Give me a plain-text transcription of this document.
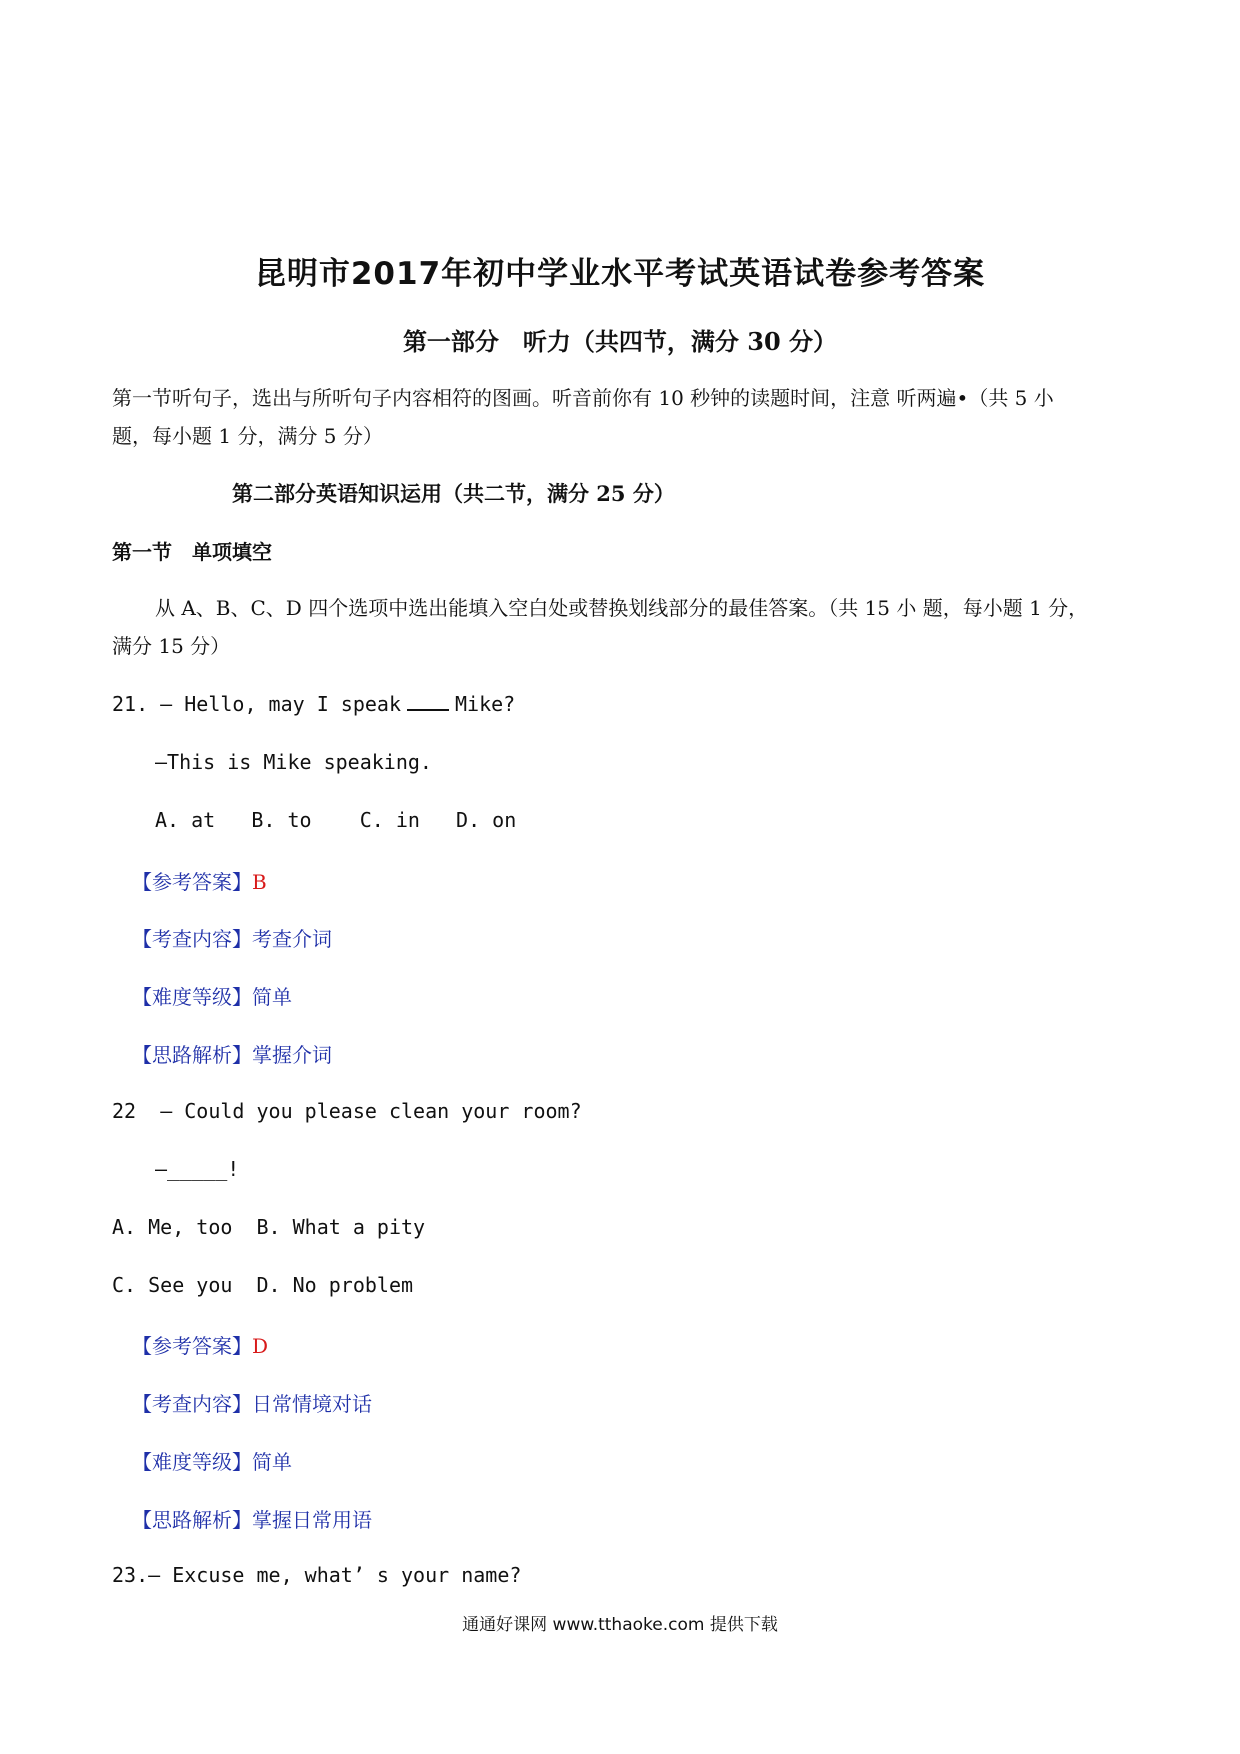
昆明市2017年初中学业水平考试英语试卷参考答案
第一部分　听力（共四节，满分 30 分）
第一节听句子，选出与所听句子内容相符的图画。听音前你有 10 秒钟的读题时间，注意 听两遍•（共 5 小
题，每小题 1 分，满分 5 分）
第二部分英语知识运用（共二节，满分 25 分）
第一节　单项填空
从 A、B、C、D 四个选项中选出能填入空白处或替换划线部分的最佳答案。（共 15 小 题，每小题 1 分，
满分 15 分）
21. — Hello, may I speak	Mike?
—This is Mike speaking.
A. at   B. to    C. in   D. on
【参考答案】B
【考查内容】考查介词
【难度等级】简单
【思路解析】掌握介词
22 — Could you please clean your room?
—_____!
A. Me, too  B. What a pity
C. See you  D. No problem
【参考答案】D
【考查内容】日常情境对话
【难度等级】简单
【思路解析】掌握日常用语
23.— Excuse me, what’ s your name?
通通好课网 www.tthaoke.com 提供下载
